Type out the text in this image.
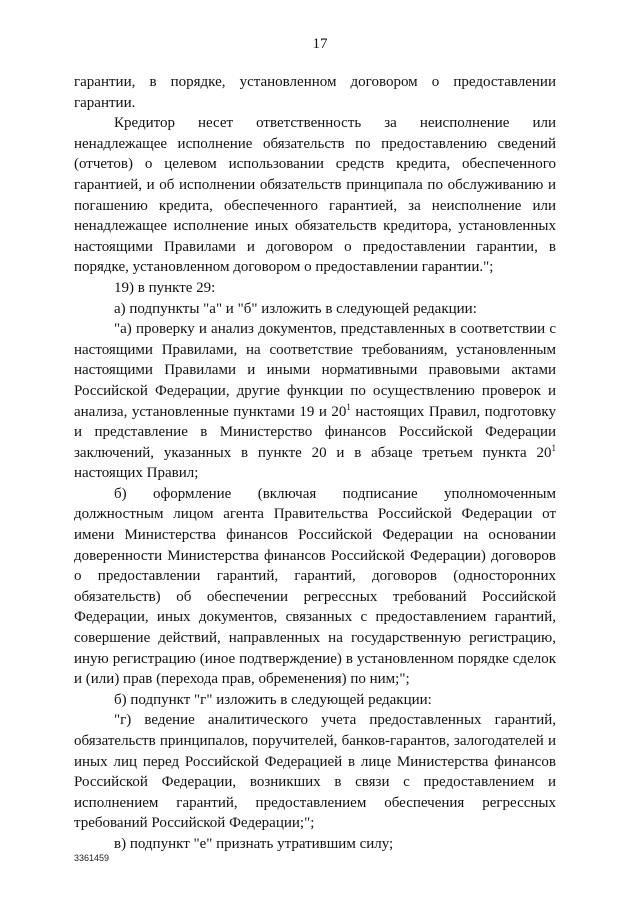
17

гарантии, в порядке, установленном договором о предоставлении гарантии.

Кредитор несет ответственность за неисполнение или ненадлежащее исполнение обязательств по предоставлению сведений (отчетов) о целевом использовании средств кредита, обеспеченного гарантией, и об исполнении обязательств принципала по обслуживанию и погашению кредита, обеспеченного гарантией, за неисполнение или ненадлежащее исполнение иных обязательств кредитора, установленных настоящими Правилами и договором о предоставлении гарантии, в порядке, установленном договором о предоставлении гарантии.";

19) в пункте 29:

а) подпункты "а" и "б" изложить в следующей редакции:

"а) проверку и анализ документов, представленных в соответствии с настоящими Правилами, на соответствие требованиям, установленным настоящими Правилами и иными нормативными правовыми актами Российской Федерации, другие функции по осуществлению проверок и анализа, установленные пунктами 19 и $20^1$ настоящих Правил, подготовку и представление в Министерство финансов Российской Федерации заключений, указанных в пункте 20 и в абзаце третьем пункта $20^1$ настоящих Правил;

б) оформление (включая подписание уполномоченным должностным лицом агента Правительства Российской Федерации от имени Министерства финансов Российской Федерации на основании доверенности Министерства финансов Российской Федерации) договоров о предоставлении гарантий, гарантий, договоров (односторонних обязательств) об обеспечении регрессных требований Российской Федерации, иных документов, связанных с предоставлением гарантий, совершение действий, направленных на государственную регистрацию, иную регистрацию (иное подтверждение) в установленном порядке сделок и (или) прав (перехода прав, обременения) по ним;";

б) подпункт "г" изложить в следующей редакции:

"г) ведение аналитического учета предоставленных гарантий, обязательств принципалов, поручителей, банков-гарантов, залогодателей и иных лиц перед Российской Федерацией в лице Министерства финансов Российской Федерации, возникших в связи с предоставлением и исполнением гарантий, предоставлением обеспечения регрессных требований Российской Федерации;";

в) подпункт "е" признать утратившим силу;

3361459
